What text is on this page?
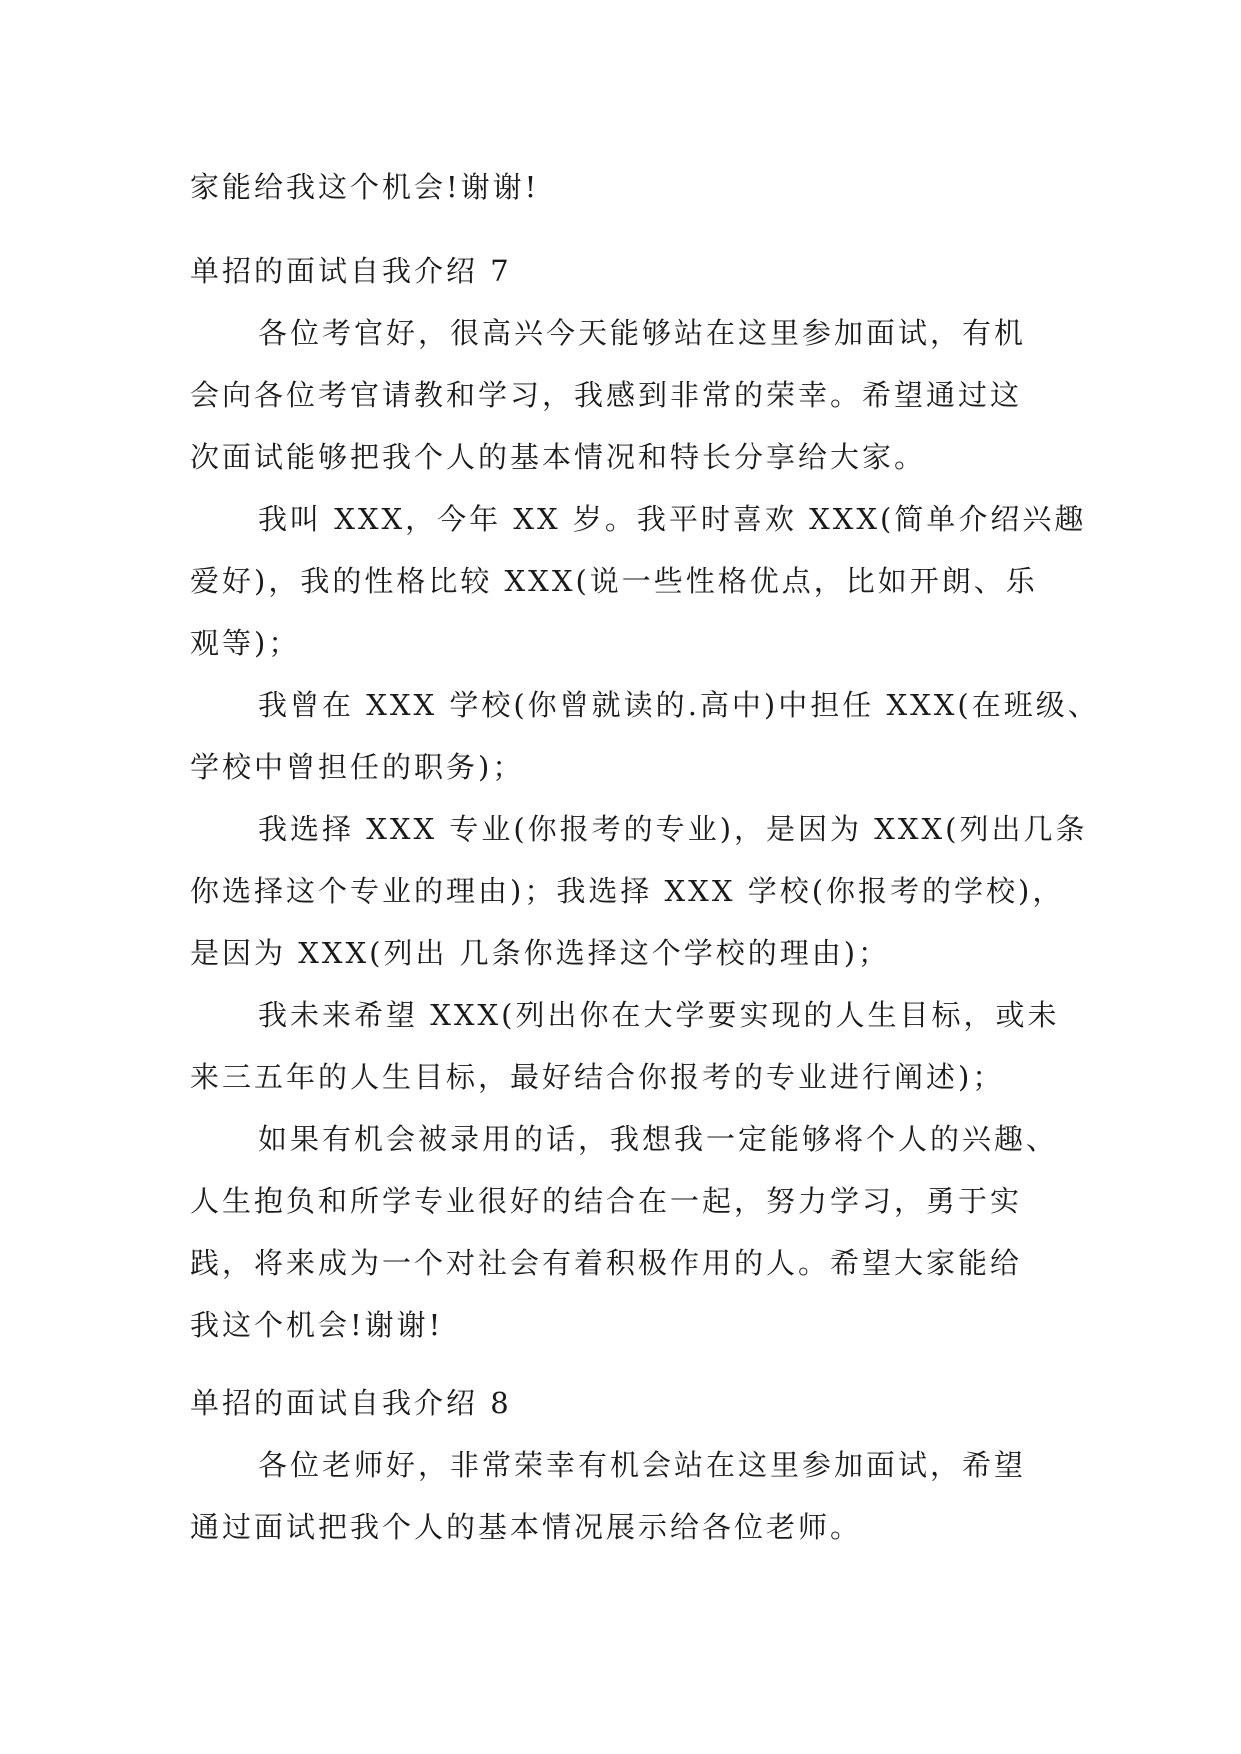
家能给我这个机会!谢谢!
单招的面试自我介绍 7
各位考官好，很高兴今天能够站在这里参加面试，有机
会向各位考官请教和学习，我感到非常的荣幸。希望通过这
次面试能够把我个人的基本情况和特长分享给大家。
我叫 XXX，今年 XX 岁。我平时喜欢 XXX(简单介绍兴趣
爱好)，我的性格比较 XXX(说一些性格优点，比如开朗、乐
观等)；
我曾在 XXX 学校(你曾就读的.高中)中担任 XXX(在班级、
学校中曾担任的职务)；
我选择 XXX 专业(你报考的专业)，是因为 XXX(列出几条
你选择这个专业的理由)；我选择 XXX 学校(你报考的学校)，
是因为 XXX(列出 几条你选择这个学校的理由)；
我未来希望 XXX(列出你在大学要实现的人生目标，或未
来三五年的人生目标，最好结合你报考的专业进行阐述)；
如果有机会被录用的话，我想我一定能够将个人的兴趣、
人生抱负和所学专业很好的结合在一起，努力学习，勇于实
践，将来成为一个对社会有着积极作用的人。希望大家能给
我这个机会!谢谢!
单招的面试自我介绍 8
各位老师好，非常荣幸有机会站在这里参加面试，希望
通过面试把我个人的基本情况展示给各位老师。
